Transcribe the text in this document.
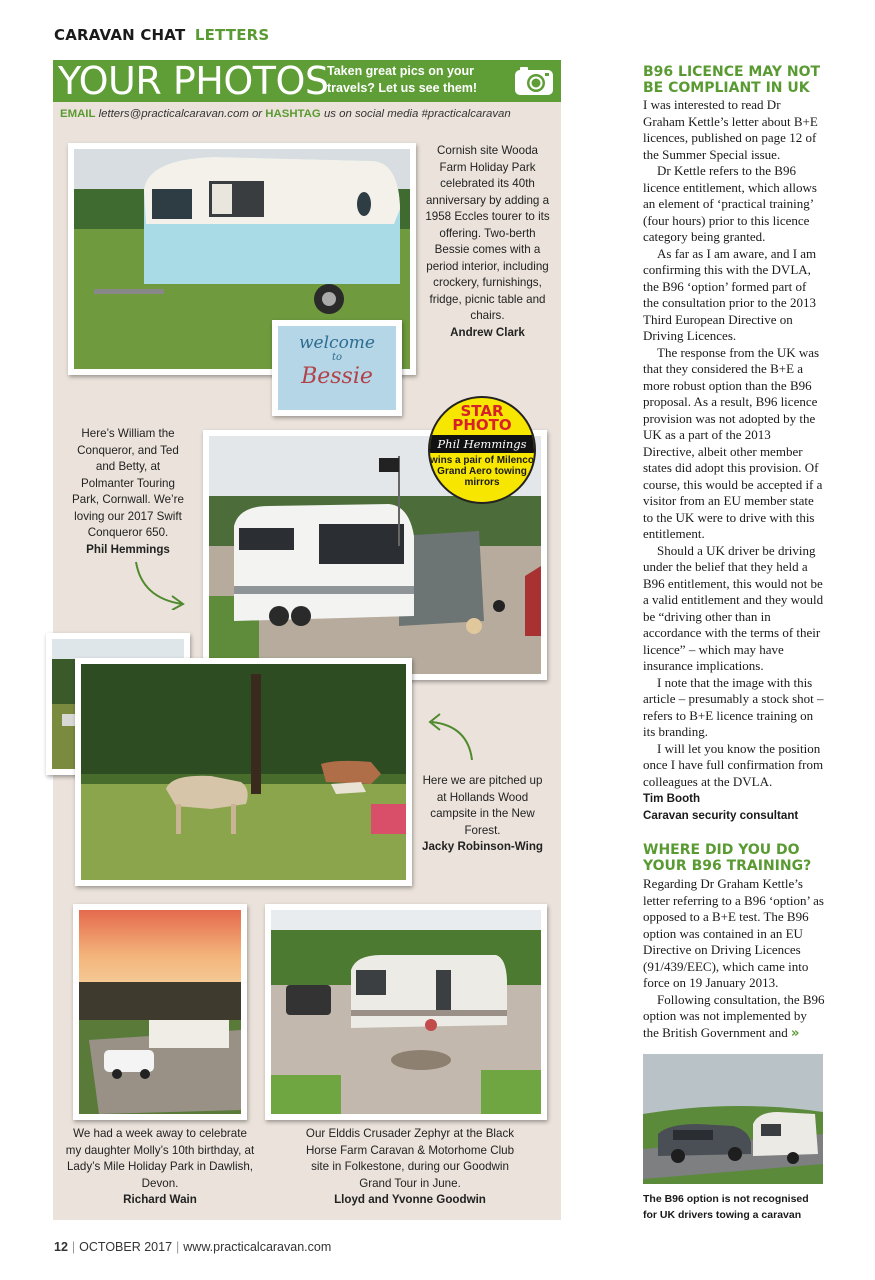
CARAVAN CHAT LETTERS
YOUR PHOTOS
Taken great pics on your travels? Let us see them!
EMAIL letters@practicalcaravan.com or HASHTAG us on social media #practicalcaravan
welcome
to
Bessie
Cornish site Wooda Farm Holiday Park celebrated its 40th anniversary by adding a 1958 Eccles tourer to its offering. Two-berth Bessie comes with a period interior, including crockery, furnishings, fridge, picnic table and chairs.
Andrew Clark
Here’s William the Conqueror, and Ted and Betty, at Polmanter Touring Park, Cornwall. We’re loving our 2017 Swift Conqueror 650.
Phil Hemmings
STAR
PHOTO
Phil Hemmings
wins a pair of Milenco Grand Aero towing mirrors
Here we are pitched up at Hollands Wood campsite in the New Forest.
Jacky Robinson-Wing
We had a week away to celebrate my daughter Molly’s 10th birthday, at Lady’s Mile Holiday Park in Dawlish, Devon.
Richard Wain
Our Elddis Crusader Zephyr at the Black Horse Farm Caravan & Motorhome Club site in Folkestone, during our Goodwin Grand Tour in June.
Lloyd and Yvonne Goodwin
B96 LICENCE MAY NOT BE COMPLIANT IN UK

I was interested to read Dr Graham Kettle’s letter about B+E licences, published on page 12 of the Summer Special issue.

Dr Kettle refers to the B96 licence entitlement, which allows an element of ‘practical training’ (four hours) prior to this licence category being granted.

As far as I am aware, and I am confirming this with the DVLA, the B96 ‘option’ formed part of the consultation prior to the 2013 Third European Directive on Driving Licences.

The response from the UK was that they considered the B+E a more robust option than the B96 proposal. As a result, B96 licence provision was not adopted by the UK as a part of the 2013 Directive, albeit other member states did adopt this provision. Of course, this would be accepted if a visitor from an EU member state to the UK were to drive with this entitlement.

Should a UK driver be driving under the belief that they held a B96 entitlement, this would not be a valid entitlement and they would be “driving other than in accordance with the terms of their licence” – which may have insurance implications.

I note that the image with this article – presumably a stock shot – refers to B+E licence training on its branding.

I will let you know the position once I have full confirmation from colleagues at the DVLA.

Tim Booth
Caravan security consultant
WHERE DID YOU DO YOUR B96 TRAINING?

Regarding Dr Graham Kettle’s letter referring to a B96 ‘option’ as opposed to a B+E test. The B96 option was contained in an EU Directive on Driving Licences (91/439/EEC), which came into force on 19 January 2013.

Following consultation, the B96 option was not implemented by the British Government and »

The B96 option is not recognised for UK drivers towing a caravan
12 | OCTOBER 2017 | www.practicalcaravan.com
